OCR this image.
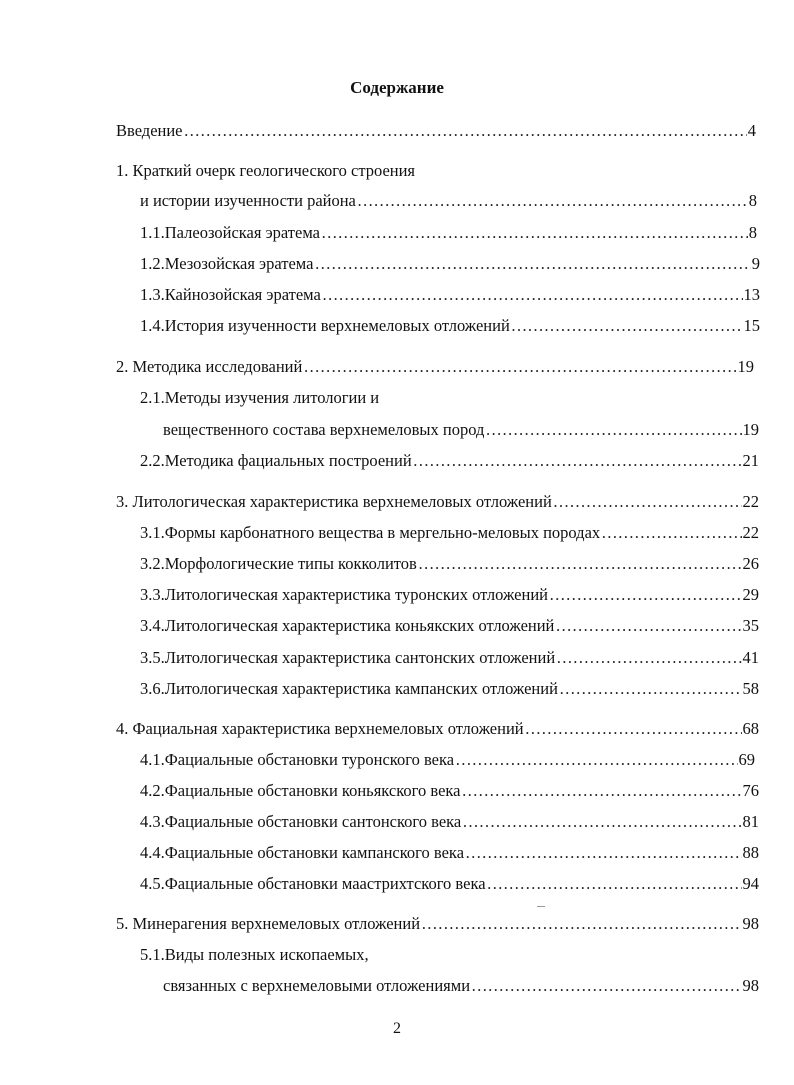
Содержание
Введение ………………………………………………………………………………………………………………………………………………………………………………………………………………………………	4
1. Краткий очерк геологического строения
и истории изученности района ………………………………………………………………………………………………………………………………………………………………………………………………………………………………	8
1.1.Палеозойская эратема ………………………………………………………………………………………………………………………………………………………………………………………………………………………………	8
1.2.Мезозойская эратема ………………………………………………………………………………………………………………………………………………………………………………………………………………………………	9
1.3.Кайнозойская эратема ………………………………………………………………………………………………………………………………………………………………………………………………………………………………	13
1.4.История изученности верхнемеловых отложений ………………………………………………………………………………………………………………………………………………………………………………………………………………………………	15
2. Методика исследований ………………………………………………………………………………………………………………………………………………………………………………………………………………………………	19
2.1.Методы изучения литологии и
вещественного состава верхнемеловых пород ………………………………………………………………………………………………………………………………………………………………………………………………………………………………	19
2.2.Методика фациальных построений ………………………………………………………………………………………………………………………………………………………………………………………………………………………………	21
3. Литологическая характеристика верхнемеловых отложений ………………………………………………………………………………………………………………………………………………………………………………………………………………………………	22
3.1.Формы карбонатного вещества в мергельно-меловых породах ………………………………………………………………………………………………………………………………………………………………………………………………………………………………	22
3.2.Морфологические типы кокколитов ………………………………………………………………………………………………………………………………………………………………………………………………………………………………	26
3.3.Литологическая характеристика туронских отложений ………………………………………………………………………………………………………………………………………………………………………………………………………………………………	29
3.4.Литологическая характеристика коньякских отложений ………………………………………………………………………………………………………………………………………………………………………………………………………………………………	35
3.5.Литологическая характеристика сантонских отложений ………………………………………………………………………………………………………………………………………………………………………………………………………………………………	41
3.6.Литологическая характеристика кампанских отложений ………………………………………………………………………………………………………………………………………………………………………………………………………………………………	58
4. Фациальная характеристика верхнемеловых отложений ………………………………………………………………………………………………………………………………………………………………………………………………………………………………	68
4.1.Фациальные обстановки туронского века ………………………………………………………………………………………………………………………………………………………………………………………………………………………………	69
4.2.Фациальные обстановки коньякского века ………………………………………………………………………………………………………………………………………………………………………………………………………………………………	76
4.3.Фациальные обстановки сантонского века ………………………………………………………………………………………………………………………………………………………………………………………………………………………………	81
4.4.Фациальные обстановки кампанского века ………………………………………………………………………………………………………………………………………………………………………………………………………………………………	88
4.5.Фациальные обстановки маастрихтского века ………………………………………………………………………………………………………………………………………………………………………………………………………………………………	94
5. Минерагения верхнемеловых отложений ………………………………………………………………………………………………………………………………………………………………………………………………………………………………	98
5.1.Виды полезных ископаемых,
связанных с верхнемеловыми отложениями ………………………………………………………………………………………………………………………………………………………………………………………………………………………………	98
2
